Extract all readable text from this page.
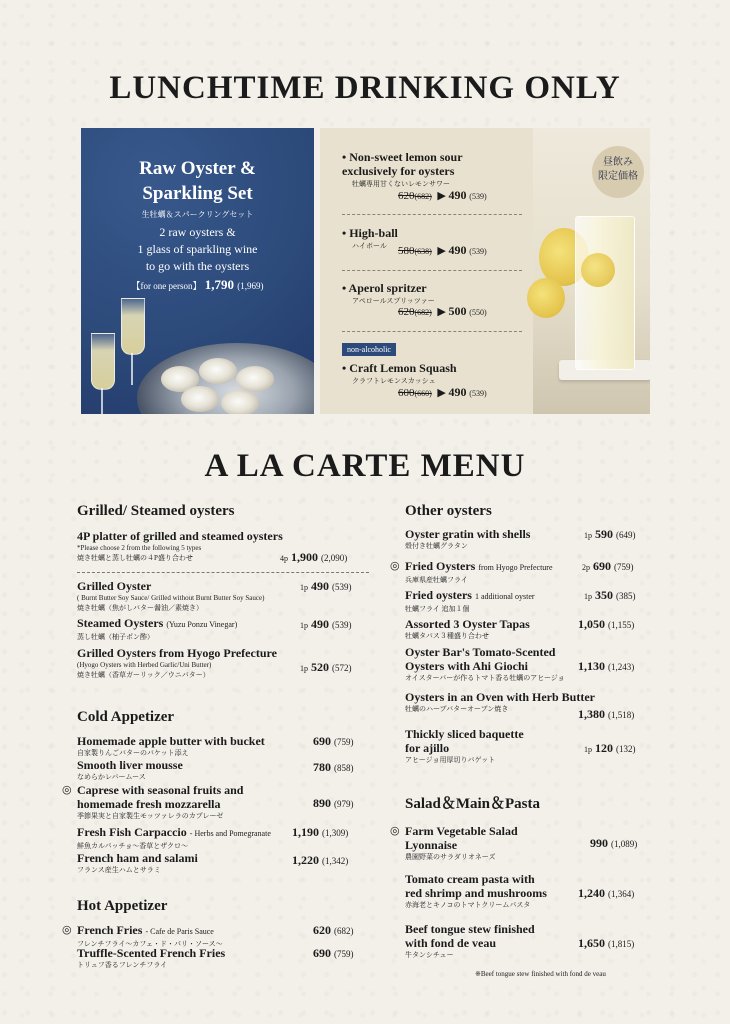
LUNCHTIME DRINKING ONLY
Raw Oyster &
Sparkling Set
生牡蠣＆スパークリングセット
2 raw oysters &
1 glass of sparkling wine
to go with the oysters
【for one person】 1,790 (1,969)
• Non-sweet lemon sour
exclusively for oysters
牡蠣専用甘くないレモンサワー
620(682)  ▶ 490 (539)
• High-ball
ハイボール 580(638)  ▶ 490 (539)
• Aperol spritzer
アペロールスプリッツァー
620(682)  ▶ 500 (550)
non-alcoholic
• Craft Lemon Squash
クラフトレモンスカッシュ
600(660)  ▶ 490 (539)
昼飲み
限定価格
A LA CARTE MENU
Grilled/ Steamed oysters
4P platter of grilled and steamed oysters
*Please choose 2 from the following 5 types
焼き牡蠣と蒸し牡蠣の４P盛り合わせ	4p 1,900 (2,090)
Grilled Oyster
( Burnt Butter Soy Sauce/ Grilled without Burnt Butter Soy Sauce)
焼き牡蠣（焦がしバター醤油／素焼き）
1p 490 (539)
Steamed Oysters (Yuzu Ponzu Vinegar)
蒸し牡蠣（柚子ポン酢）
1p 490 (539)
Grilled Oysters from Hyogo Prefecture
(Hyogo Oysters with Herbed Garlic/Uni Butter)
焼き牡蠣（香草ガーリック／ウニバター）
1p 520 (572)
Cold Appetizer
Homemade apple butter with bucket
自家製りんごバターのバケット添え
690 (759)
Smooth liver mousse
なめらかレバームース
780 (858)
◎ Caprese with seasonal fruits and
homemade fresh mozzarella
季節果実と自家製生モッツァレラのカプレーゼ
890 (979)
Fresh Fish Carpaccio - Herbs and Pomegranate
鮮魚カルパッチョ〜香草とザクロ〜
1,190 (1,309)
French ham and salami
フランス産生ハムとサラミ
1,220 (1,342)
Hot Appetizer
◎ French Fries - Cafe de Paris Sauce
フレンチフライ〜カフェ・ド・パリ・ソース〜
620 (682)
Truffle-Scented French Fries
トリュフ香るフレンチフライ
690 (759)
Other oysters
Oyster gratin with shells
殻付き牡蠣グラタン
1p 590 (649)
◎ Fried Oysters from Hyogo Prefecture
兵庫県産牡蠣フライ
2p 690 (759)
Fried oysters 1 additional oyster
牡蠣フライ 追加１個
1p 350 (385)
Assorted 3 Oyster Tapas
牡蠣タパス３種盛り合わせ
1,050 (1,155)
Oyster Bar's Tomato-Scented
Oysters with Ahi Giochi
オイスターバーが作るトマト香る牡蠣のアヒージョ
1,130 (1,243)
Oysters in an Oven with Herb Butter
牡蠣のハーブバターオーブン焼き	1,380 (1,518)
Thickly sliced baquette
for ajillo
アヒージョ用厚切りバゲット
1p 120 (132)
Salad＆Main＆Pasta
◎ Farm Vegetable Salad
Lyonnaise
農園野菜のサラダリオネーズ
990 (1,089)
Tomato cream pasta with
red shrimp and mushrooms
赤海老とキノコのトマトクリームパスタ
1,240 (1,364)
Beef tongue stew finished
with fond de veau
牛タンシチュー
1,650 (1,815)
※Beef tongue stew finished with fond de veau
